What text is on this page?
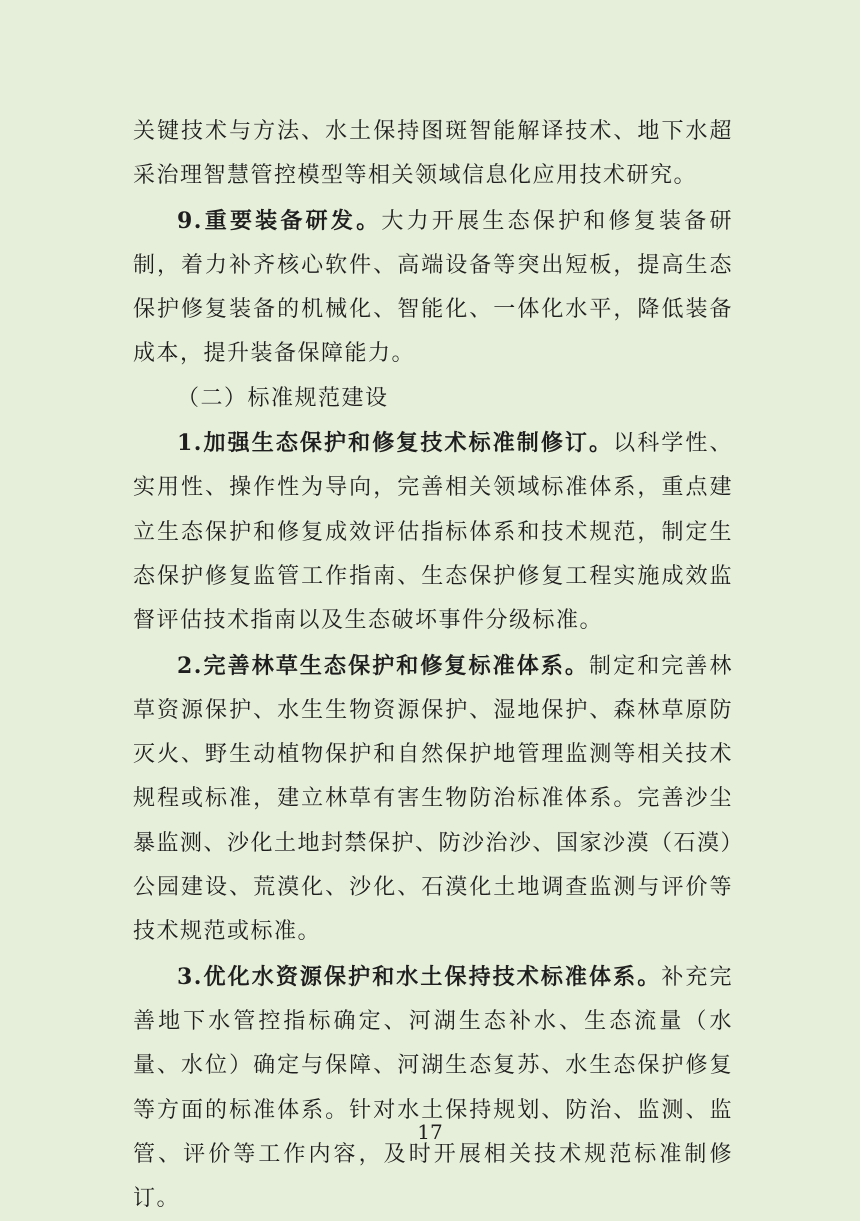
关键技术与方法、水土保持图斑智能解译技术、地下水超采治理智慧管控模型等相关领域信息化应用技术研究。

9.重要装备研发。大力开展生态保护和修复装备研制，着力补齐核心软件、高端设备等突出短板，提高生态保护修复装备的机械化、智能化、一体化水平，降低装备成本，提升装备保障能力。

（二）标准规范建设

1.加强生态保护和修复技术标准制修订。以科学性、实用性、操作性为导向，完善相关领域标准体系，重点建立生态保护和修复成效评估指标体系和技术规范，制定生态保护修复监管工作指南、生态保护修复工程实施成效监督评估技术指南以及生态破坏事件分级标准。

2.完善林草生态保护和修复标准体系。制定和完善林草资源保护、水生生物资源保护、湿地保护、森林草原防灭火、野生动植物保护和自然保护地管理监测等相关技术规程或标准，建立林草有害生物防治标准体系。完善沙尘暴监测、沙化土地封禁保护、防沙治沙、国家沙漠（石漠）公园建设、荒漠化、沙化、石漠化土地调查监测与评价等技术规范或标准。

3.优化水资源保护和水土保持技术标准体系。补充完善地下水管控指标确定、河湖生态补水、生态流量（水量、水位）确定与保障、河湖生态复苏、水生态保护修复等方面的标准体系。针对水土保持规划、防治、监测、监管、评价等工作内容，及时开展相关技术规范标准制修订。

17
